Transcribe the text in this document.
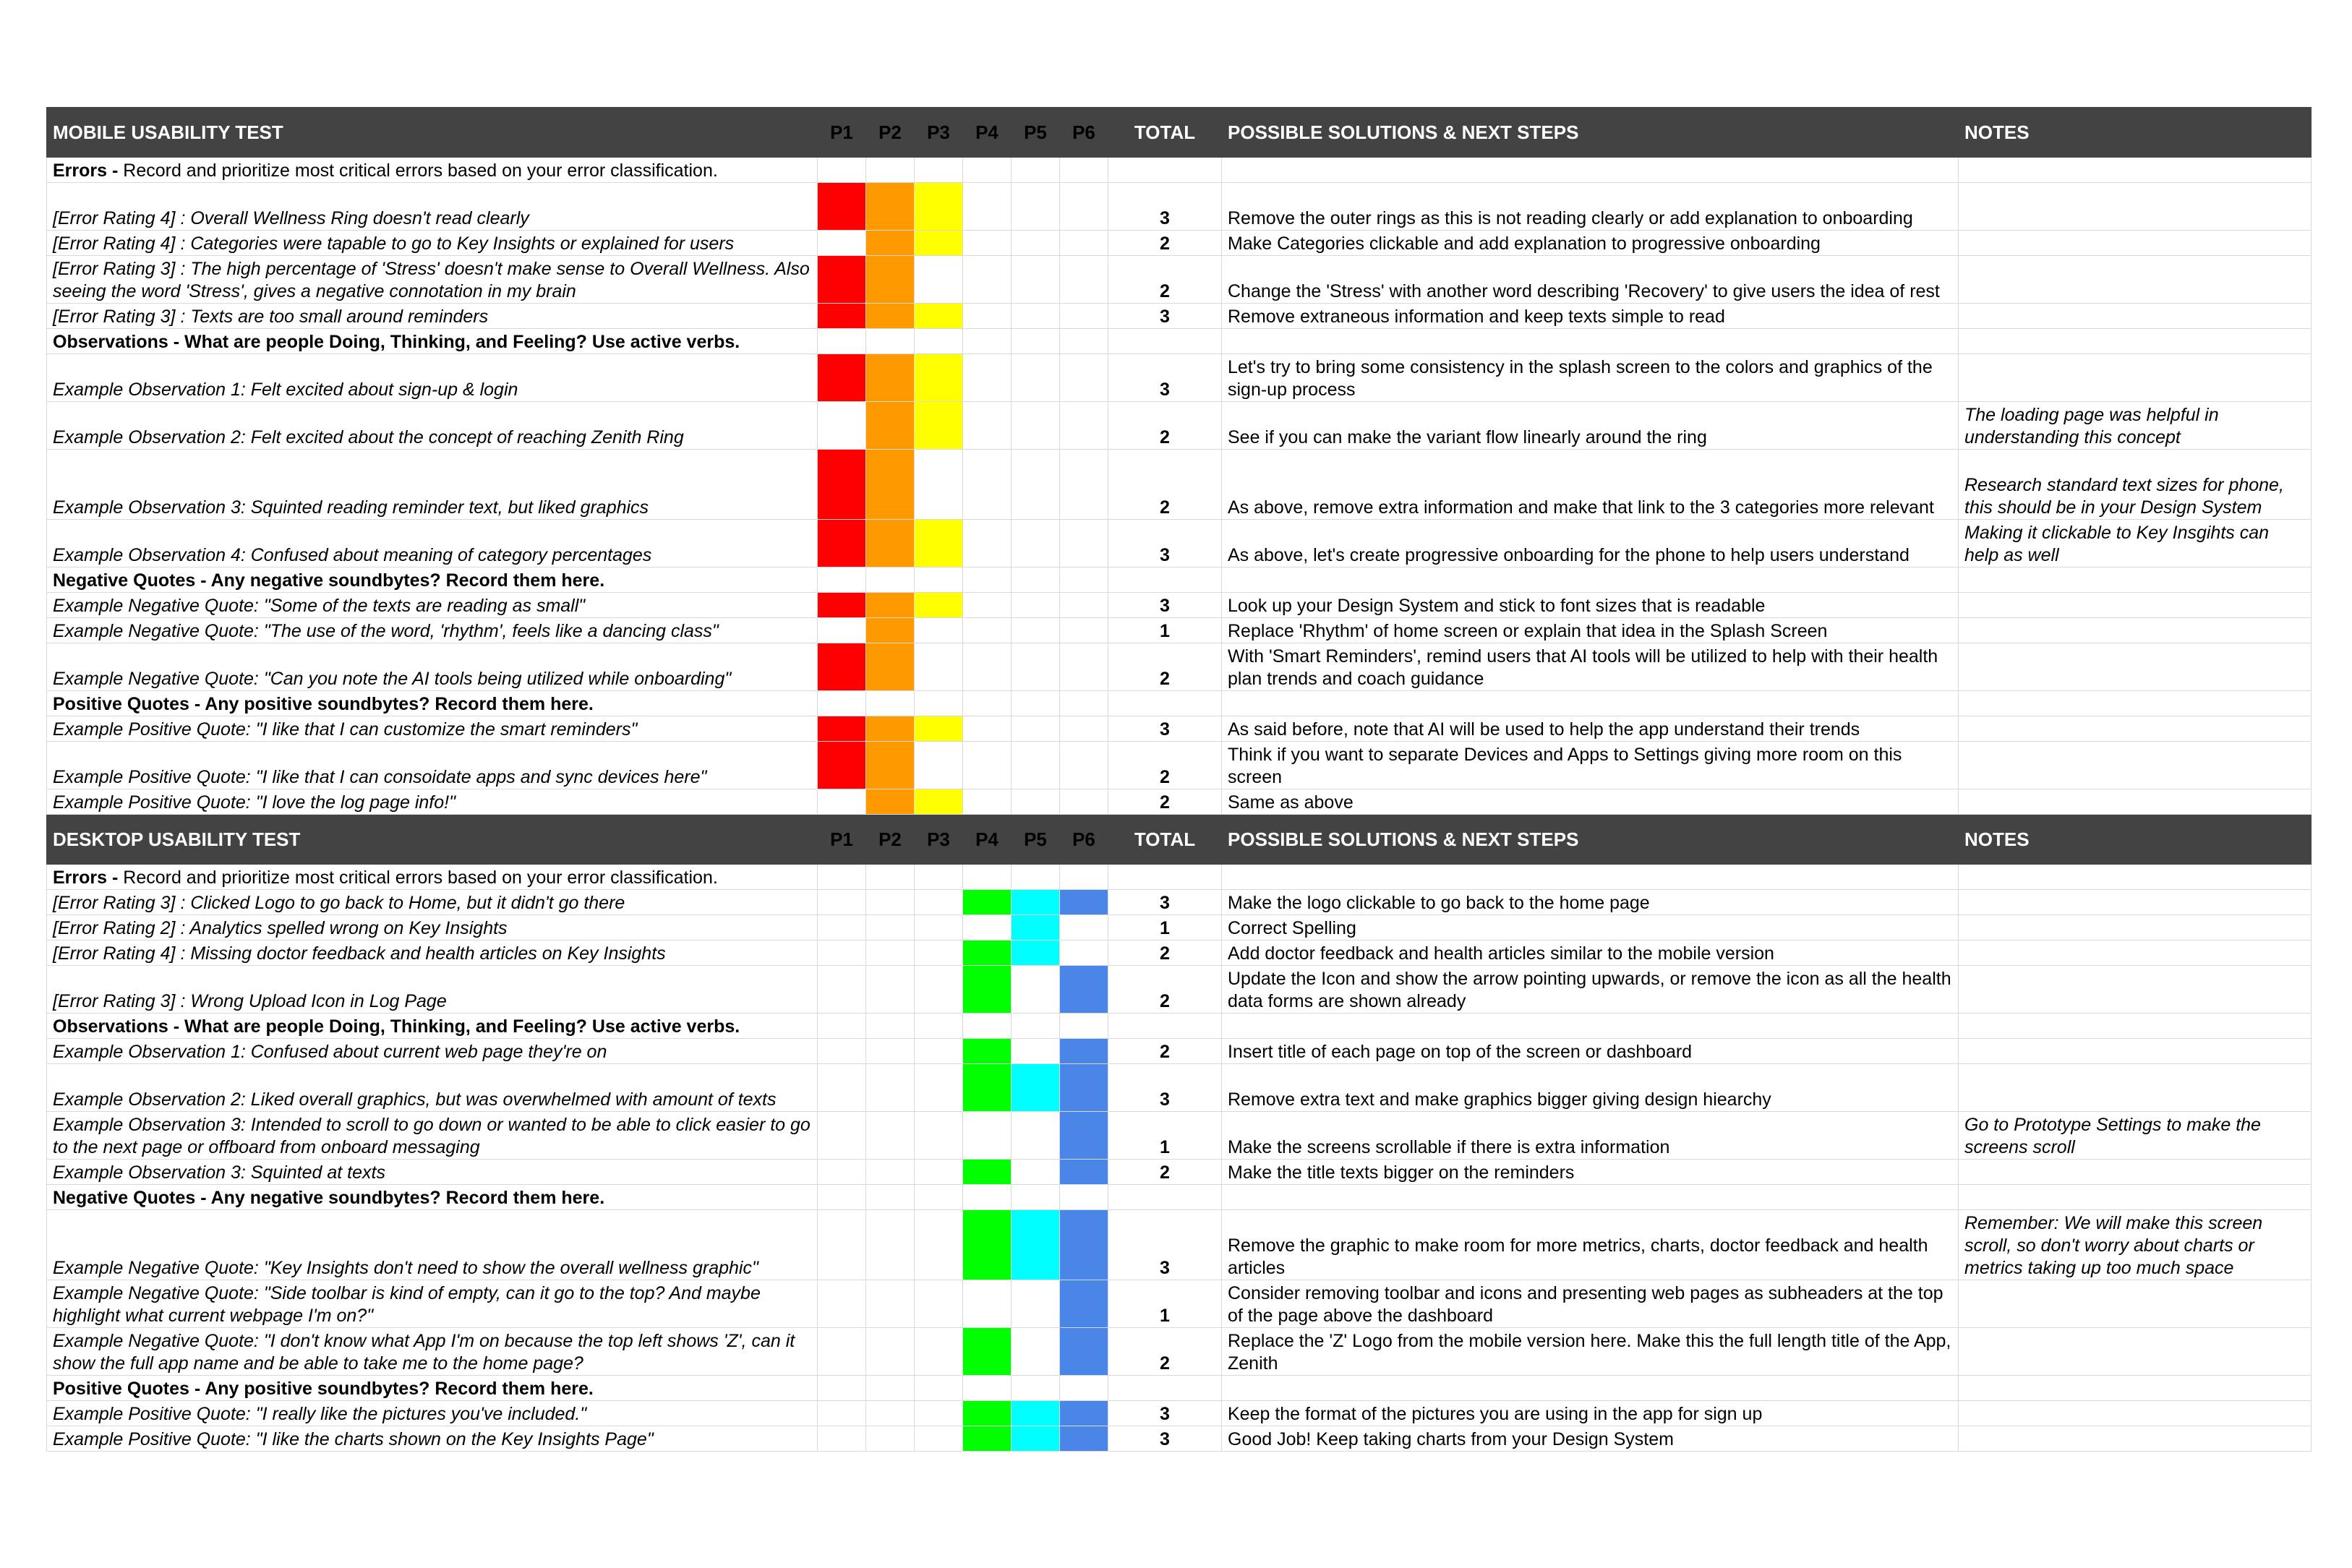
MOBILE USABILITY TEST	P1	P2	P3	P4	P5	P6	TOTAL	POSSIBLE SOLUTIONS & NEXT STEPS	NOTES
Errors - Record and prioritize most critical errors based on your error classification.									
[Error Rating 4] : Overall Wellness Ring doesn't read clearly							3	Remove the outer rings as this is not reading clearly or add explanation to onboarding	
[Error Rating 4] : Categories were tapable to go to Key Insights or explained for users							2	Make Categories clickable and add explanation to progressive onboarding	
[Error Rating 3] : The high percentage of 'Stress' doesn't make sense to Overall Wellness. Also seeing the word 'Stress', gives a negative connotation in my brain							2	Change the 'Stress' with another word describing 'Recovery' to give users the idea of rest	
[Error Rating 3] : Texts are too small around reminders							3	Remove extraneous information and keep texts simple to read	
Observations - What are people Doing, Thinking, and Feeling? Use active verbs.									
Example Observation 1: Felt excited about sign-up & login							3	Let's try to bring some consistency in the splash screen to the colors and graphics of the sign-up process	
Example Observation 2: Felt excited about the concept of reaching Zenith Ring							2	See if you can make the variant flow linearly around the ring	The loading page was helpful in understanding this concept
Example Observation 3: Squinted reading reminder text, but liked graphics							2	As above, remove extra information and make that link to the 3 categories more relevant	Research standard text sizes for phone, this should be in your Design System
Example Observation 4: Confused about meaning of category percentages							3	As above, let's create progressive onboarding for the phone to help users understand	Making it clickable to Key Insgihts can help as well
Negative Quotes - Any negative soundbytes? Record them here.									
Example Negative Quote: "Some of the texts are reading as small"							3	Look up your Design System and stick to font sizes that is readable	
Example Negative Quote: "The use of the word, 'rhythm', feels like a dancing class"							1	Replace 'Rhythm' of home screen or explain that idea in the Splash Screen	
Example Negative Quote: "Can you note the AI tools being utilized while onboarding"							2	With 'Smart Reminders', remind users that AI tools will be utilized to help with their health plan trends and coach guidance	
Positive Quotes - Any positive soundbytes? Record them here.									
Example Positive Quote: "I like that I can customize the smart reminders"							3	As said before, note that AI will be used to help the app understand their trends	
Example Positive Quote: "I like that I can consoidate apps and sync devices here"							2	Think if you want to separate Devices and Apps to Settings giving more room on this screen	
Example Positive Quote: "I love the log page info!"							2	Same as above	
DESKTOP USABILITY TEST	P1	P2	P3	P4	P5	P6	TOTAL	POSSIBLE SOLUTIONS & NEXT STEPS	NOTES
Errors - Record and prioritize most critical errors based on your error classification.									
[Error Rating 3] : Clicked Logo to go back to Home, but it didn't go there							3	Make the logo clickable to go back to the home page	
[Error Rating 2] : Analytics spelled wrong on Key Insights							1	Correct Spelling	
[Error Rating 4] : Missing doctor feedback and health articles on Key Insights							2	Add doctor feedback and health articles similar to the mobile version	
[Error Rating 3] : Wrong Upload Icon in Log Page							2	Update the Icon and show the arrow pointing upwards, or remove the icon as all the health data forms are shown already	
Observations - What are people Doing, Thinking, and Feeling? Use active verbs.									
Example Observation 1: Confused about current web page they're on							2	Insert title of each page on top of the screen or dashboard	
Example Observation 2: Liked overall graphics, but was overwhelmed with amount of texts							3	Remove extra text and make graphics bigger giving design hiearchy	
Example Observation 3: Intended to scroll to go down or wanted to be able to click easier to go to the next page or offboard from onboard messaging							1	Make the screens scrollable if there is extra information	Go to Prototype Settings to make the screens scroll
Example Observation 3: Squinted at texts							2	Make the title texts bigger on the reminders	
Negative Quotes - Any negative soundbytes? Record them here.									
Example Negative Quote: "Key Insights don't need to show the overall wellness graphic"							3	Remove the graphic to make room for more metrics, charts, doctor feedback and health articles	Remember: We will make this screen scroll, so don't worry about charts or metrics taking up too much space
Example Negative Quote: "Side toolbar is kind of empty, can it go to the top? And maybe highlight what current webpage I'm on?"							1	Consider removing toolbar and icons and presenting web pages as subheaders at the top of the page above the dashboard	
Example Negative Quote: "I don't know what App I'm on because the top left shows 'Z', can it show the full app name and be able to take me to the home page?							2	Replace the 'Z' Logo from the mobile version here. Make this the full length title of the App, Zenith	
Positive Quotes - Any positive soundbytes? Record them here.									
Example Positive Quote: "I really like the pictures you've included."							3	Keep the format of the pictures you are using in the app for sign up	
Example Positive Quote: "I like the charts shown on the Key Insights Page"							3	Good Job! Keep taking charts from your Design System	
